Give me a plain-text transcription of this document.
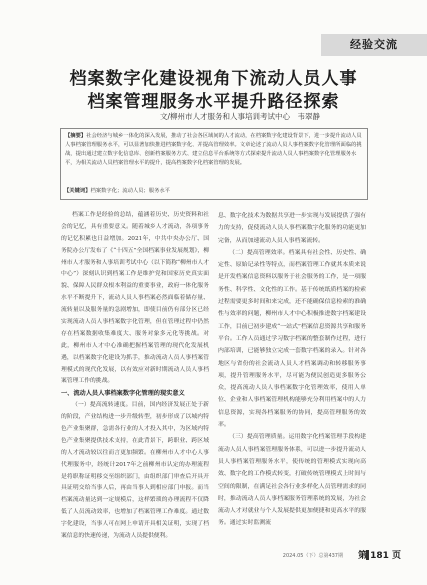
经验交流
档案数字化建设视角下流动人员人事
档案管理服务水平提升路径探索
文/柳州市人才服务和人事培训考试中心　韦翠静
【摘要】社会经济与城乡一体化的深入发展，推动了社会各区域间的人才流动，在档案数字化建设背景下，进一步提升流动人员人事档案管理服务水平，可以显著加快推进档案数字化、并提高管理效率。文章论述了流动人员人事档案数字化管理所面临的挑战，提出通过建立数字化信息库、创新档案服务方式、建立信息平台系统等方式探索提升流动人员人事档案数字化管理服务水平，为相关流动人员档案管理水平的提升，提高档案数字化档案管理的发展。
【关键词】档案数字化；流动人员；服务水平

档案工作是经验的总结，蕴涵着历史、历史资料和社会的记忆，具有重要意义。随着城乡人才流动，各项事务的记忆积累也日益增加。2021年，中共中央办公厅、国务院办公厅发布了《“十四五”全国档案事业发展规划》，柳州市人才服务和人事培训考试中心（以下简称“柳州市人才中心”）深刻认识到档案工作是维护党和国家历史真实面貌、保障人民群众根本利益的重要事业，政府一体化服务水平不断提升下，流动人员人事档案必然面临着储存量、流转量以及服务量的急剧增加，即使目前仍有部分区已经实现流动人员人事档案数字化管理，但在管理过程中仍然存在档案数据收集难度大、服务对象多元化等挑战。对此，柳州市人才中心准确把握档案管理的现代化发展机遇，以档案数字化建设为抓手，推动流动人员人事档案管理模式的现代化发展，以有效应对新时期流动人员人事档案管理工作的挑战。

一、流动人员人事档案数字化管理的现实意义

（一）提高流转速度。目前，国内经济发展正处于新的阶段，产业结构进一步升级转型，初步形成了以城内特色产业集聚群，急需各行业的人才投入其中，为区域内特色产业集聚提供技术支持，在此背景下，跨职业、跨区域的人才流动较以往而言更加频繁。在柳州市人才中心人事代理服务中，经统计2017年之前柳州市认定的办理流程是将职称证明移交至组织部门，由组织部门审查后开具开具证明交给当事人后，再由当事人到相应部门申报。而当档案流动量达到一定规模后，这样繁琐的办理流程不仅降低了人员流动效率，也增加了档案管理工作难度。通过数字化建设，当事人可在网上申请开具相关证明，实现了档案信息的快速传递，为流动人员提供便利。

息、数字化技术为数据共享进一步实现与发展提供了强有力的支持，促使流动人员人事档案数字化服务的功能更加完备，从而加速流动人员人事档案流转。

（二）提高管理效率。档案具有社会性、历史性、确定性、原始记录性等特点，而档案管理工作就其本质来说是开发档案信息资料以服务于社会服务的工作，是一项服务性、科学性、文化性的工作。基于传统纸质档案的检索过程需要更多时间和来完成，还不能确保信息检索的准确性与效率的问题，柳州市人才中心积极推进数字档案建设工作，目前已初步建成“一站式”档案信息资源共享和服务平台。工作人员通过学习数字档案的整套制作过程，进行内部培训，已能够独立完成一套数字档案的录入。针对各地区与省份的社会流动人员人才档案调动和转移服务事项，提升管理服务水平，尽可能为便民创造更多服务公众，提高流动人员人事档案数字化管理效率，使用人单位、企业和人事档案管理机构能够充分利用档案中的人力信息资源，实现各档案服务的协同，提高管理服务的效率。

（三）提高管理质量。运用数字化档案管理手段构建流动人员人事档案管理服务体系，可以进一步提升流动人员人事档案管理服务水平，使传统的管理模式实现向高效、数字化的工作模式转变，打破传统管理模式上时间与空间的限制，在满足社会各行业多样化人员管理需求的同时，推动流动人员人事档案服务管理系统的发展，为社会流动人才对就业与个人发展提供更加便捷和更高水平的服务。通过实时监测流

2024.05（下）总第437期 第 181 页
